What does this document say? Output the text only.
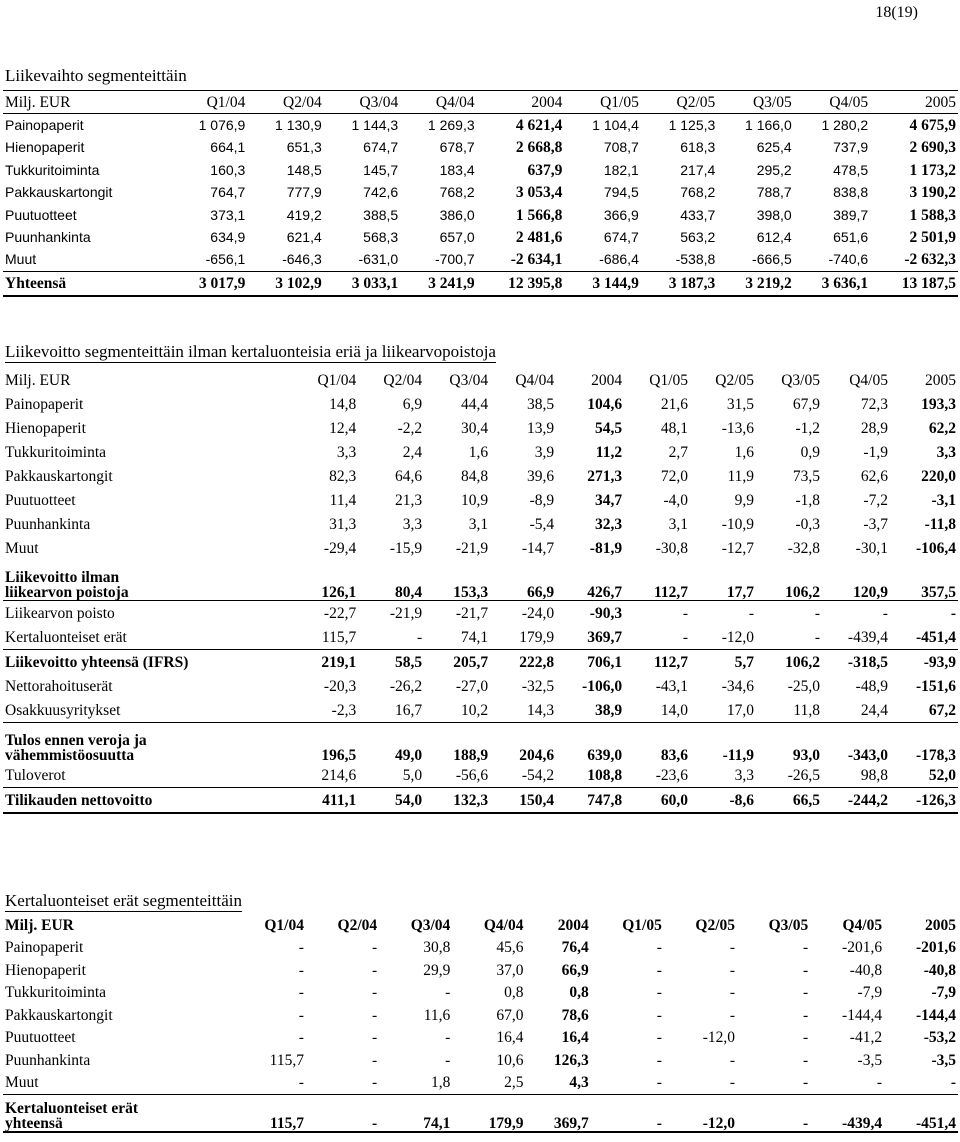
18(19)
Liikevaihto segmenteittäin
Milj. EUR	Q1/04	Q2/04	Q3/04	Q4/04	2004	Q1/05	Q2/05	Q3/05	Q4/05	2005
Painopaperit	1 076,9	1 130,9	1 144,3	1 269,3	4 621,4	1 104,4	1 125,3	1 166,0	1 280,2	4 675,9
Hienopaperit	664,1	651,3	674,7	678,7	2 668,8	708,7	618,3	625,4	737,9	2 690,3
Tukkuritoiminta	160,3	148,5	145,7	183,4	637,9	182,1	217,4	295,2	478,5	1 173,2
Pakkauskartongit	764,7	777,9	742,6	768,2	3 053,4	794,5	768,2	788,7	838,8	3 190,2
Puutuotteet	373,1	419,2	388,5	386,0	1 566,8	366,9	433,7	398,0	389,7	1 588,3
Puunhankinta	634,9	621,4	568,3	657,0	2 481,6	674,7	563,2	612,4	651,6	2 501,9
Muut	-656,1	-646,3	-631,0	-700,7	-2 634,1	-686,4	-538,8	-666,5	-740,6	-2 632,3
Yhteensä	3 017,9	3 102,9	3 033,1	3 241,9	12 395,8	3 144,9	3 187,3	3 219,2	3 636,1	13 187,5
Liikevoitto segmenteittäin ilman kertaluonteisia eriä ja liikearvopoistoja
Milj. EUR	Q1/04	Q2/04	Q3/04	Q4/04	2004	Q1/05	Q2/05	Q3/05	Q4/05	2005
Painopaperit	14,8	6,9	44,4	38,5	104,6	21,6	31,5	67,9	72,3	193,3
Hienopaperit	12,4	-2,2	30,4	13,9	54,5	48,1	-13,6	-1,2	28,9	62,2
Tukkuritoiminta	3,3	2,4	1,6	3,9	11,2	2,7	1,6	0,9	-1,9	3,3
Pakkauskartongit	82,3	64,6	84,8	39,6	271,3	72,0	11,9	73,5	62,6	220,0
Puutuotteet	11,4	21,3	10,9	-8,9	34,7	-4,0	9,9	-1,8	-7,2	-3,1
Puunhankinta	31,3	3,3	3,1	-5,4	32,3	3,1	-10,9	-0,3	-3,7	-11,8
Muut	-29,4	-15,9	-21,9	-14,7	-81,9	-30,8	-12,7	-32,8	-30,1	-106,4
Liikevoitto ilman
liikearvon poistoja	126,1	80,4	153,3	66,9	426,7	112,7	17,7	106,2	120,9	357,5
Liikearvon poisto	-22,7	-21,9	-21,7	-24,0	-90,3	-	-	-	-	-
Kertaluonteiset erät	115,7	-	74,1	179,9	369,7	-	-12,0	-	-439,4	-451,4
Liikevoitto yhteensä (IFRS)	219,1	58,5	205,7	222,8	706,1	112,7	5,7	106,2	-318,5	-93,9
Nettorahoituserät	-20,3	-26,2	-27,0	-32,5	-106,0	-43,1	-34,6	-25,0	-48,9	-151,6
Osakkuusyritykset	-2,3	16,7	10,2	14,3	38,9	14,0	17,0	11,8	24,4	67,2
Tulos ennen veroja ja
vähemmistöosuutta	196,5	49,0	188,9	204,6	639,0	83,6	-11,9	93,0	-343,0	-178,3
Tuloverot	214,6	5,0	-56,6	-54,2	108,8	-23,6	3,3	-26,5	98,8	52,0
Tilikauden nettovoitto	411,1	54,0	132,3	150,4	747,8	60,0	-8,6	66,5	-244,2	-126,3
Kertaluonteiset erät segmenteittäin
Milj. EUR	Q1/04	Q2/04	Q3/04	Q4/04	2004	Q1/05	Q2/05	Q3/05	Q4/05	2005
Painopaperit	-	-	30,8	45,6	76,4	-	-	-	-201,6	-201,6
Hienopaperit	-	-	29,9	37,0	66,9	-	-	-	-40,8	-40,8
Tukkuritoiminta	-	-	-	0,8	0,8	-	-	-	-7,9	-7,9
Pakkauskartongit	-	-	11,6	67,0	78,6	-	-	-	-144,4	-144,4
Puutuotteet	-	-	-	16,4	16,4	-	-12,0	-	-41,2	-53,2
Puunhankinta	115,7	-	-	10,6	126,3	-	-	-	-3,5	-3,5
Muut	-	-	1,8	2,5	4,3	-	-	-	-	-
Kertaluonteiset erät
yhteensä	115,7	-	74,1	179,9	369,7	-	-12,0	-	-439,4	-451,4
